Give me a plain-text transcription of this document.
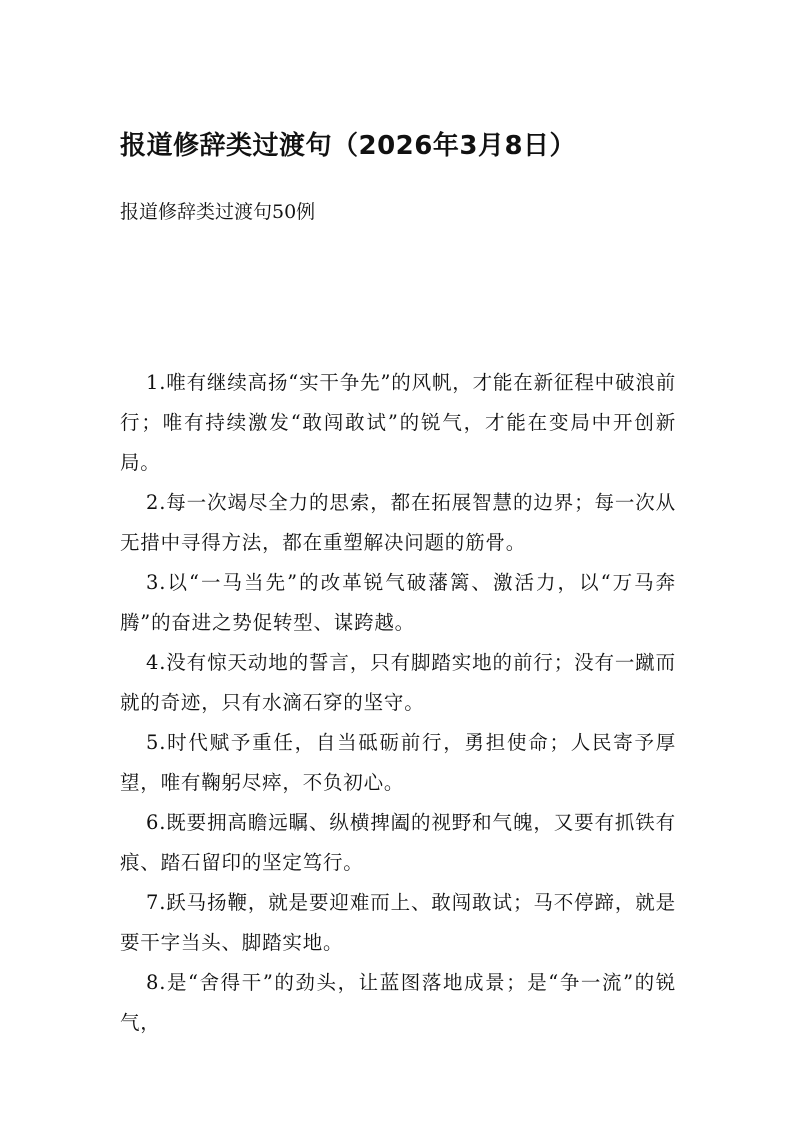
报道修辞类过渡句（2026年3月8日）
报道修辞类过渡句50例

1.唯有继续高扬“实干争先”的风帆，才能在新征程中破浪前行；唯有持续激发“敢闯敢试”的锐气，才能在变局中开创新局。

2.每一次竭尽全力的思索，都在拓展智慧的边界；每一次从无措中寻得方法，都在重塑解决问题的筋骨。

3.以“一马当先”的改革锐气破藩篱、激活力，以“万马奔腾”的奋进之势促转型、谋跨越。

4.没有惊天动地的誓言，只有脚踏实地的前行；没有一蹴而就的奇迹，只有水滴石穿的坚守。

5.时代赋予重任，自当砥砺前行，勇担使命；人民寄予厚望，唯有鞠躬尽瘁，不负初心。

6.既要拥高瞻远瞩、纵横捭阖的视野和气魄，又要有抓铁有痕、踏石留印的坚定笃行。

7.跃马扬鞭，就是要迎难而上、敢闯敢试；马不停蹄，就是要干字当头、脚踏实地。

8.是“舍得干”的劲头，让蓝图落地成景；是“争一流”的锐气，
